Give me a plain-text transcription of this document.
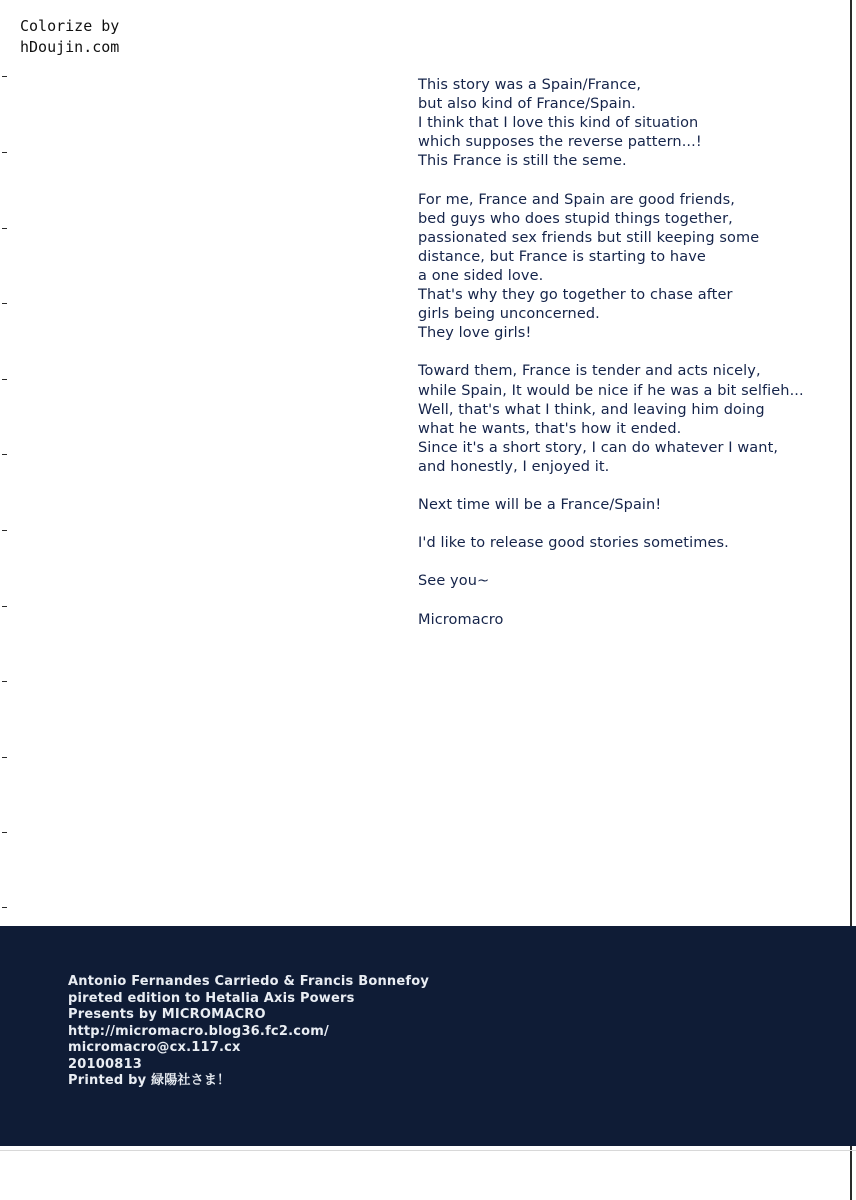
Colorize by
hDoujin.com
This story was a Spain/France,
but also kind of France/Spain.
I think that I love this kind of situation
which supposes the reverse pattern...!
This France is still the seme.
For me, France and Spain are good friends,
bed guys who does stupid things together,
passionated sex friends but still keeping some
distance, but France is starting to have
a one sided love.
That's why they go together to chase after
girls being unconcerned.
They love girls!
Toward them, France is tender and acts nicely,
while Spain, It would be nice if he was a bit selfieh...
Well, that's what I think, and leaving him doing
what he wants, that's how it ended.
Since it's a short story, I can do whatever I want,
and honestly, I enjoyed it.
Next time will be a France/Spain!
I'd like to release good stories sometimes.
See you~
Micromacro
Antonio Fernandes Carriedo & Francis Bonnefoy
pireted edition to Hetalia Axis Powers
Presents by MICROMACRO
http://micromacro.blog36.fc2.com/
micromacro@cx.117.cx
20100813
Printed by 緑陽社さま！
